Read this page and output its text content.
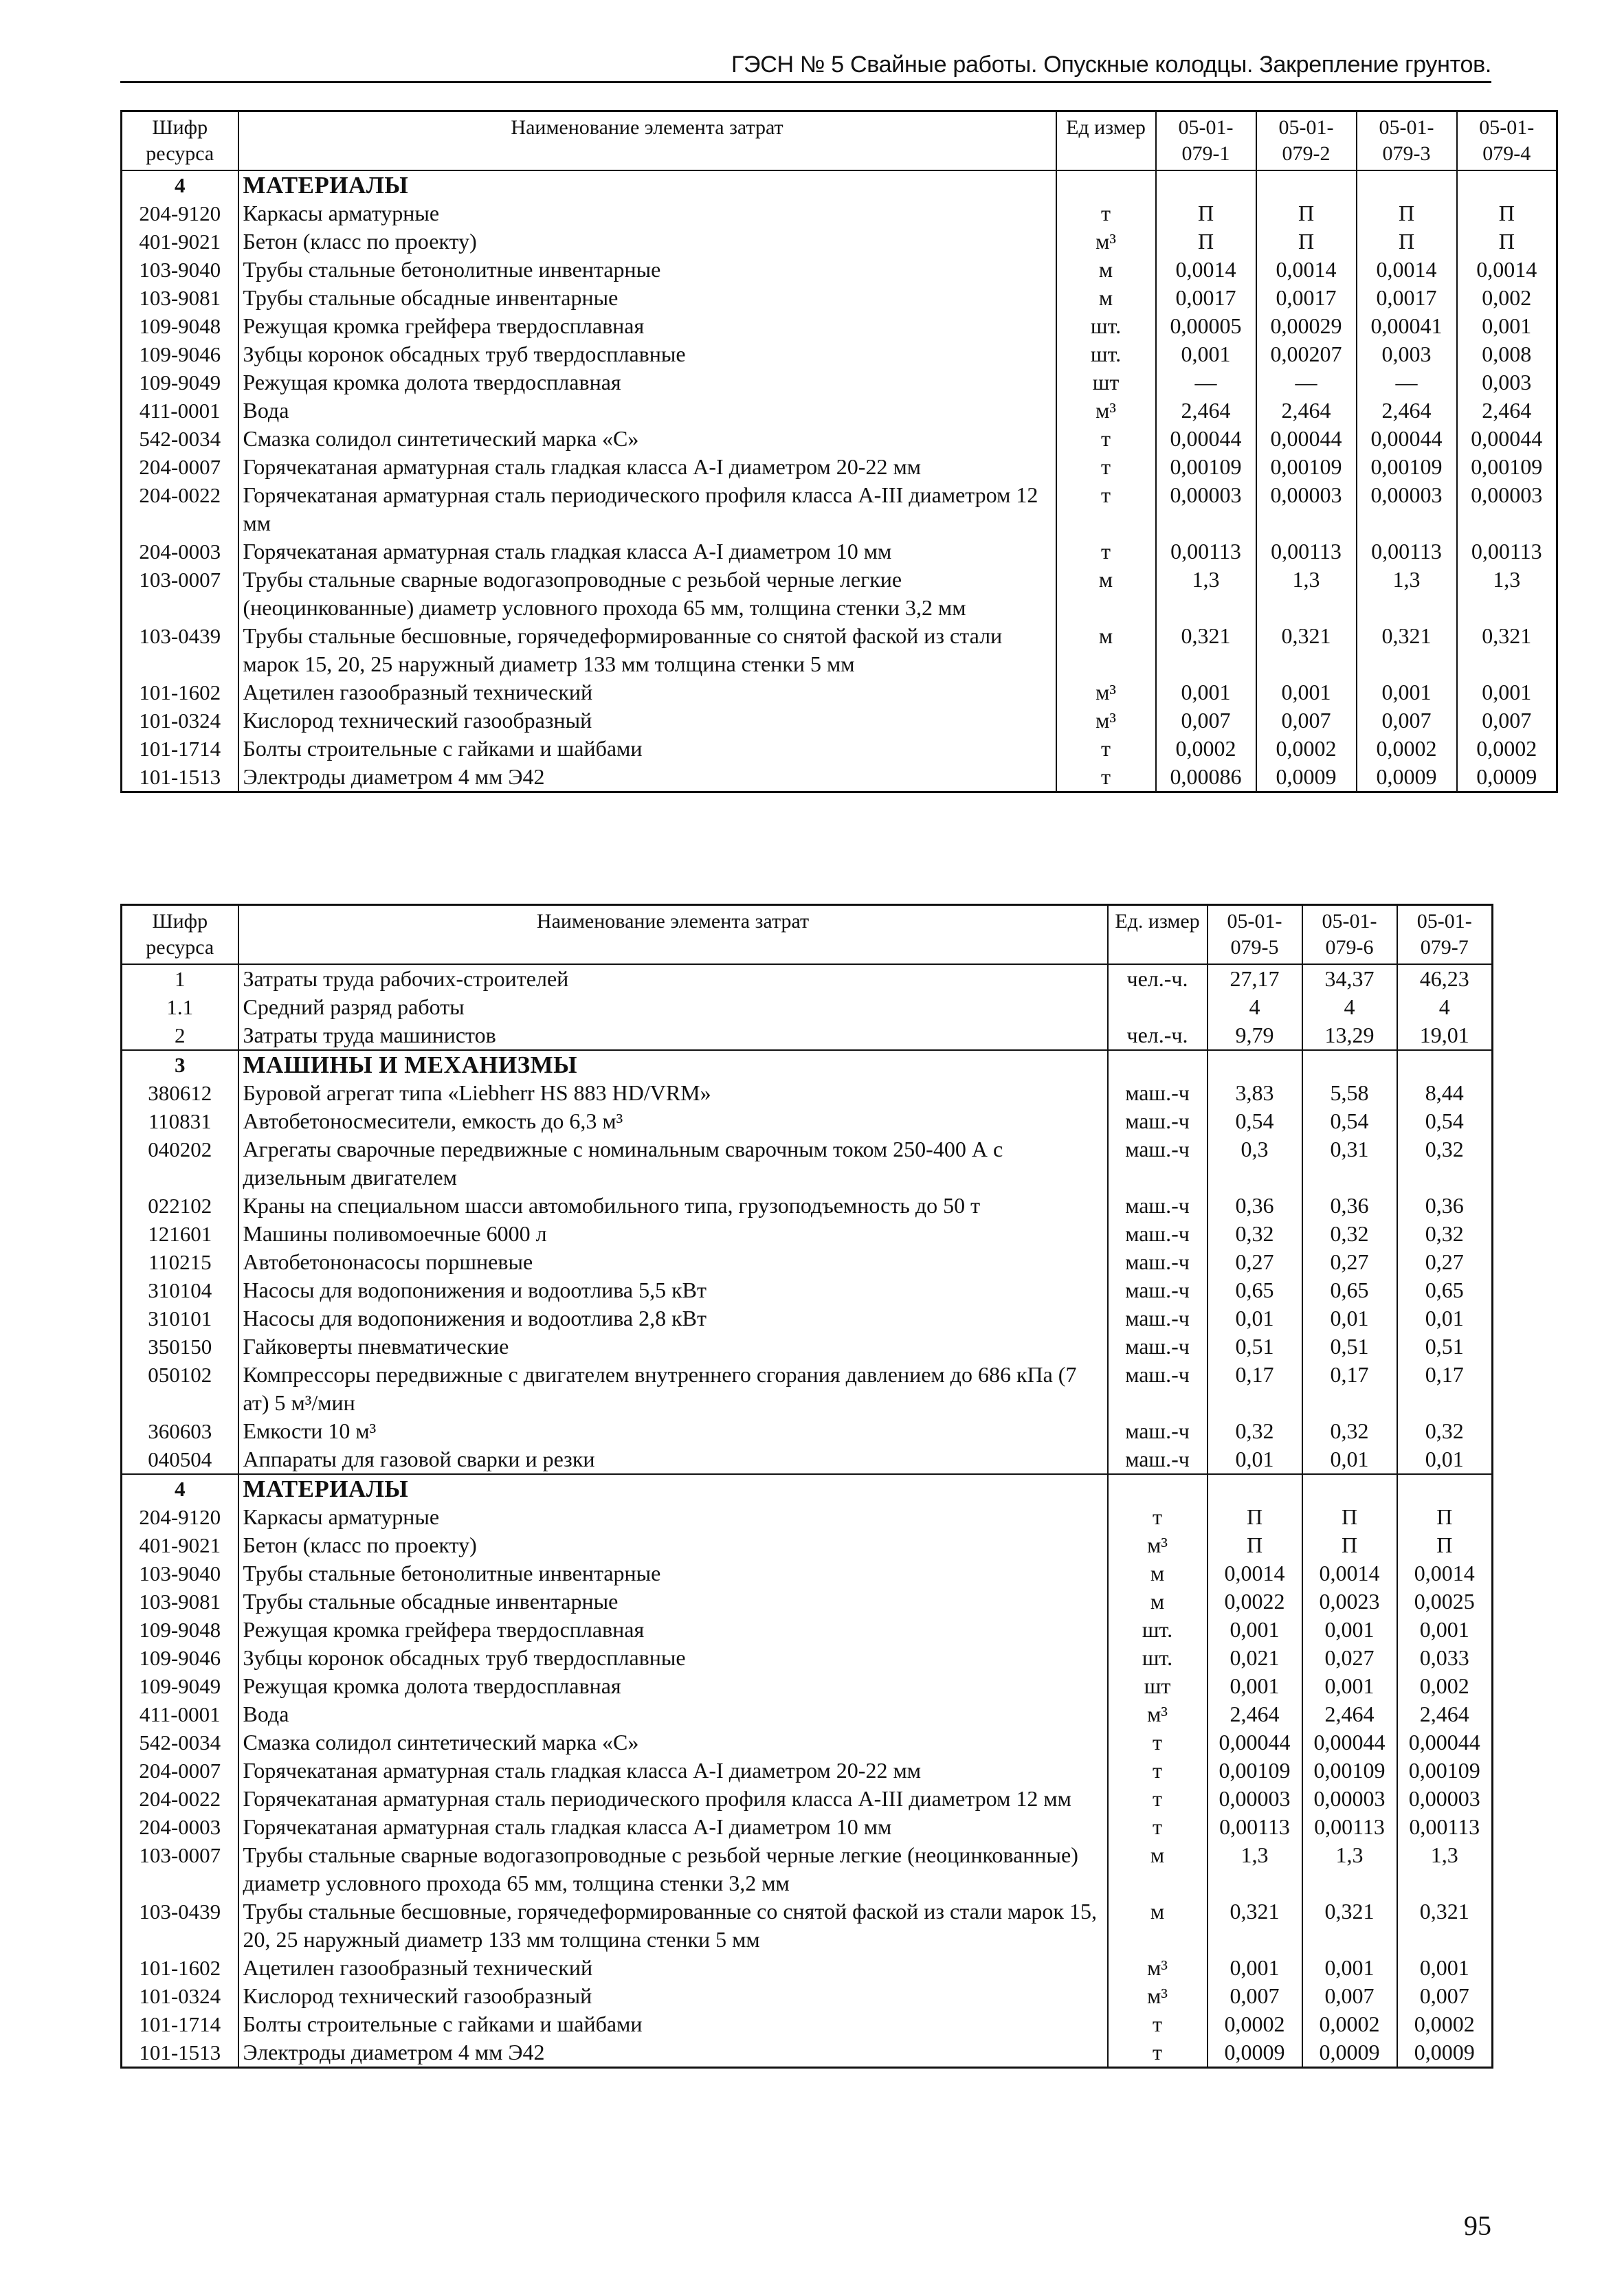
ГЭСН № 5 Свайные работы. Опускные колодцы. Закрепление грунтов.
Шифр ресурса	Наименование элемента затрат	Ед измер	05-01-079-1	05-01-079-2	05-01-079-3	05-01-079-4
4	МАТЕРИАЛЫ					
204-9120	Каркасы арматурные	т	П	П	П	П
401-9021	Бетон (класс по проекту)	м³	П	П	П	П
103-9040	Трубы стальные бетонолитные инвентарные	м	0,0014	0,0014	0,0014	0,0014
103-9081	Трубы стальные обсадные инвентарные	м	0,0017	0,0017	0,0017	0,002
109-9048	Режущая кромка грейфера твердосплавная	шт.	0,00005	0,00029	0,00041	0,001
109-9046	Зубцы коронок обсадных труб твердосплавные	шт.	0,001	0,00207	0,003	0,008
109-9049	Режущая кромка долота твердосплавная	шт	—	—	—	0,003
411-0001	Вода	м³	2,464	2,464	2,464	2,464
542-0034	Смазка солидол синтетический марка «С»	т	0,00044	0,00044	0,00044	0,00044
204-0007	Горячекатаная арматурная сталь гладкая класса А-I диаметром 20-22 мм	т	0,00109	0,00109	0,00109	0,00109
204-0022	Горячекатаная арматурная сталь периодического профиля класса А-III диаметром 12 мм	т	0,00003	0,00003	0,00003	0,00003
204-0003	Горячекатаная арматурная сталь гладкая класса А-I диаметром 10 мм	т	0,00113	0,00113	0,00113	0,00113
103-0007	Трубы стальные сварные водогазопроводные с резьбой черные легкие (неоцинкованные) диаметр условного прохода 65 мм, толщина стенки 3,2 мм	м	1,3	1,3	1,3	1,3
103-0439	Трубы стальные бесшовные, горячедеформированные со снятой фаской из стали марок 15, 20, 25 наружный диаметр 133 мм толщина стенки 5 мм	м	0,321	0,321	0,321	0,321
101-1602	Ацетилен газообразный технический	м³	0,001	0,001	0,001	0,001
101-0324	Кислород технический газообразный	м³	0,007	0,007	0,007	0,007
101-1714	Болты строительные с гайками и шайбами	т	0,0002	0,0002	0,0002	0,0002
101-1513	Электроды диаметром 4 мм Э42	т	0,00086	0,0009	0,0009	0,0009
Шифр ресурса	Наименование элемента затрат	Ед. измер	05-01-079-5	05-01-079-6	05-01-079-7
1	Затраты труда рабочих-строителей	чел.-ч.	27,17	34,37	46,23
1.1	Средний разряд работы		4	4	4
2	Затраты труда машинистов	чел.-ч.	9,79	13,29	19,01
3	МАШИНЫ И МЕХАНИЗМЫ				
380612	Буровой агрегат типа «Liebherr HS 883 HD/VRM»	маш.-ч	3,83	5,58	8,44
110831	Автобетоносмесители, емкость до 6,3 м³	маш.-ч	0,54	0,54	0,54
040202	Агрегаты сварочные передвижные с номинальным сварочным током 250-400 А с дизельным двигателем	маш.-ч	0,3	0,31	0,32
022102	Краны на специальном шасси автомобильного типа, грузоподъемность до 50 т	маш.-ч	0,36	0,36	0,36
121601	Машины поливомоечные 6000 л	маш.-ч	0,32	0,32	0,32
110215	Автобетононасосы поршневые	маш.-ч	0,27	0,27	0,27
310104	Насосы для водопонижения и водоотлива 5,5 кВт	маш.-ч	0,65	0,65	0,65
310101	Насосы для водопонижения и водоотлива 2,8 кВт	маш.-ч	0,01	0,01	0,01
350150	Гайковерты пневматические	маш.-ч	0,51	0,51	0,51
050102	Компрессоры передвижные с двигателем внутреннего сгорания давлением до 686 кПа (7 ат) 5 м³/мин	маш.-ч	0,17	0,17	0,17
360603	Емкости 10 м³	маш.-ч	0,32	0,32	0,32
040504	Аппараты для газовой сварки и резки	маш.-ч	0,01	0,01	0,01
4	МАТЕРИАЛЫ				
204-9120	Каркасы арматурные	т	П	П	П
401-9021	Бетон (класс по проекту)	м³	П	П	П
103-9040	Трубы стальные бетонолитные инвентарные	м	0,0014	0,0014	0,0014
103-9081	Трубы стальные обсадные инвентарные	м	0,0022	0,0023	0,0025
109-9048	Режущая кромка грейфера твердосплавная	шт.	0,001	0,001	0,001
109-9046	Зубцы коронок обсадных труб твердосплавные	шт.	0,021	0,027	0,033
109-9049	Режущая кромка долота твердосплавная	шт	0,001	0,001	0,002
411-0001	Вода	м³	2,464	2,464	2,464
542-0034	Смазка солидол синтетический марка «С»	т	0,00044	0,00044	0,00044
204-0007	Горячекатаная арматурная сталь гладкая класса А-I диаметром 20-22 мм	т	0,00109	0,00109	0,00109
204-0022	Горячекатаная арматурная сталь периодического профиля класса А-III диаметром 12 мм	т	0,00003	0,00003	0,00003
204-0003	Горячекатаная арматурная сталь гладкая класса А-I диаметром 10 мм	т	0,00113	0,00113	0,00113
103-0007	Трубы стальные сварные водогазопроводные с резьбой черные легкие (неоцинкованные) диаметр условного прохода 65 мм, толщина стенки 3,2 мм	м	1,3	1,3	1,3
103-0439	Трубы стальные бесшовные, горячедеформированные со снятой фаской из стали марок 15, 20, 25 наружный диаметр 133 мм толщина стенки 5 мм	м	0,321	0,321	0,321
101-1602	Ацетилен газообразный технический	м³	0,001	0,001	0,001
101-0324	Кислород технический газообразный	м³	0,007	0,007	0,007
101-1714	Болты строительные с гайками и шайбами	т	0,0002	0,0002	0,0002
101-1513	Электроды диаметром 4 мм Э42	т	0,0009	0,0009	0,0009
95
